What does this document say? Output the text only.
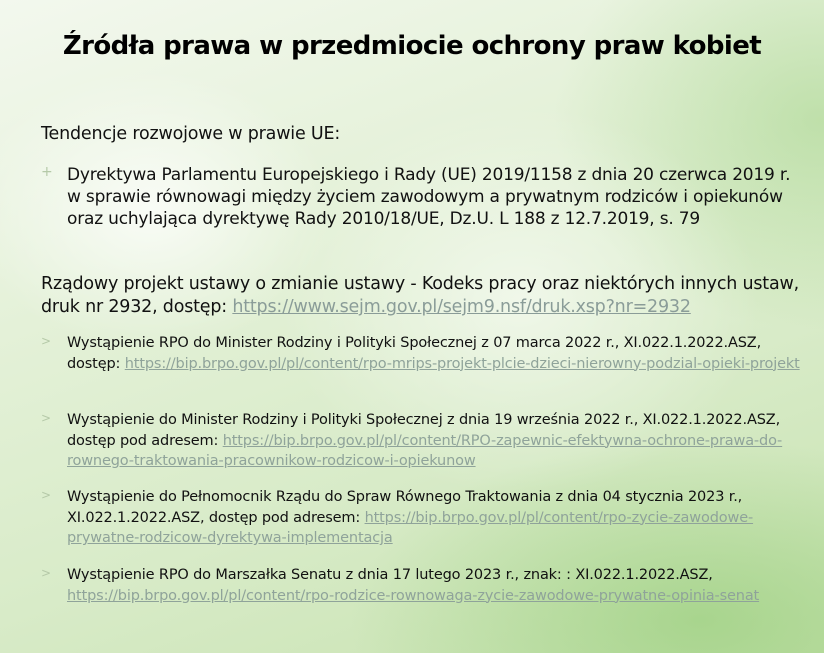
Źródła prawa w przedmiocie ochrony praw kobiet
Tendencje rozwojowe w prawie UE:
+ Dyrektywa Parlamentu Europejskiego i Rady (UE) 2019/1158 z dnia 20 czerwca 2019 r. w sprawie równowagi między życiem zawodowym a prywatnym rodziców i opiekunów oraz uchylająca dyrektywę Rady 2010/18/UE, Dz.U. L 188 z 12.7.2019, s. 79
Rządowy projekt ustawy o zmianie ustawy - Kodeks pracy oraz niektórych innych ustaw, druk nr 2932, dostęp: https://www.sejm.gov.pl/sejm9.nsf/druk.xsp?nr=2932
> Wystąpienie RPO do Minister Rodziny i Polityki Społecznej z 07 marca 2022 r., XI.022.1.2022.ASZ, dostęp: https://bip.brpo.gov.pl/pl/content/rpo-mrips-projekt-plcie-dzieci-nierowny-podzial-opieki-projekt
> Wystąpienie do Minister Rodziny i Polityki Społecznej z dnia 19 września 2022 r., XI.022.1.2022.ASZ, dostęp pod adresem: https://bip.brpo.gov.pl/pl/content/RPO-zapewnic-efektywna-ochrone-prawa-do-rownego-traktowania-pracownikow-rodzicow-i-opiekunow
> Wystąpienie do Pełnomocnik Rządu do Spraw Równego Traktowania z dnia 04 stycznia 2023 r., XI.022.1.2022.ASZ, dostęp pod adresem: https://bip.brpo.gov.pl/pl/content/rpo-zycie-zawodowe-prywatne-rodzicow-dyrektywa-implementacja
> Wystąpienie RPO do Marszałka Senatu z dnia 17 lutego 2023 r., znak: : XI.022.1.2022.ASZ, https://bip.brpo.gov.pl/pl/content/rpo-rodzice-rownowaga-zycie-zawodowe-prywatne-opinia-senat
